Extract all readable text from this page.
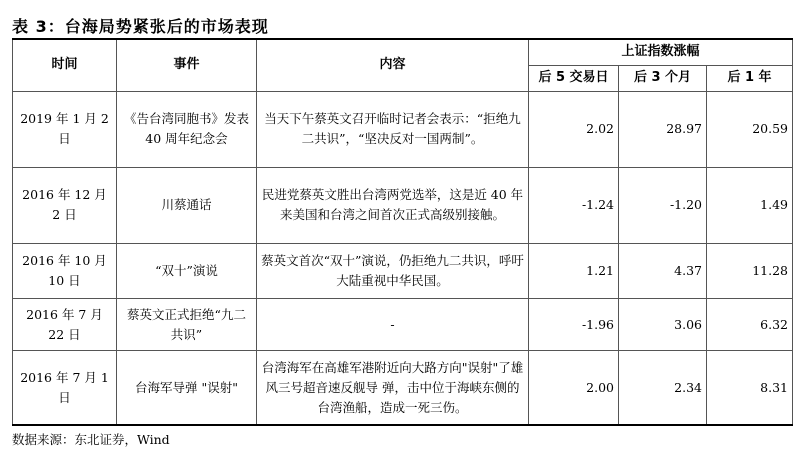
表 3：台海局势紧张后的市场表现
时间	事件	内容	上证指数涨幅		
			后 5 交易日	后 3 个月	后 1 年
2019 年 1 月 2 日	《告台湾同胞书》发表 40 周年纪念会	当天下午蔡英文召开临时记者会表示：“拒绝九二共识”，“坚决反对一国两制”。	2.02	28.97	20.59
2016 年 12 月 2 日	川蔡通话	民进党蔡英文胜出台湾两党选举，这是近 40 年来美国和台湾之间首次正式高级别接触。	-1.24	-1.20	1.49
2016 年 10 月 10 日	“双十”演说	蔡英文首次“双十”演说，仍拒绝九二共识，呼吁大陆重视中华民国。	1.21	4.37	11.28
2016 年 7 月 22 日	蔡英文正式拒绝“九二共识”	-	-1.96	3.06	6.32
2016 年 7 月 1 日	台海军导弹 "误射"	台湾海军在高雄军港附近向大路方向"误射"了雄风三号超音速反舰导 弹，击中位于海峡东侧的台湾渔船，造成一死三伤。	2.00	2.34	8.31
数据来源：东北证券，Wind
